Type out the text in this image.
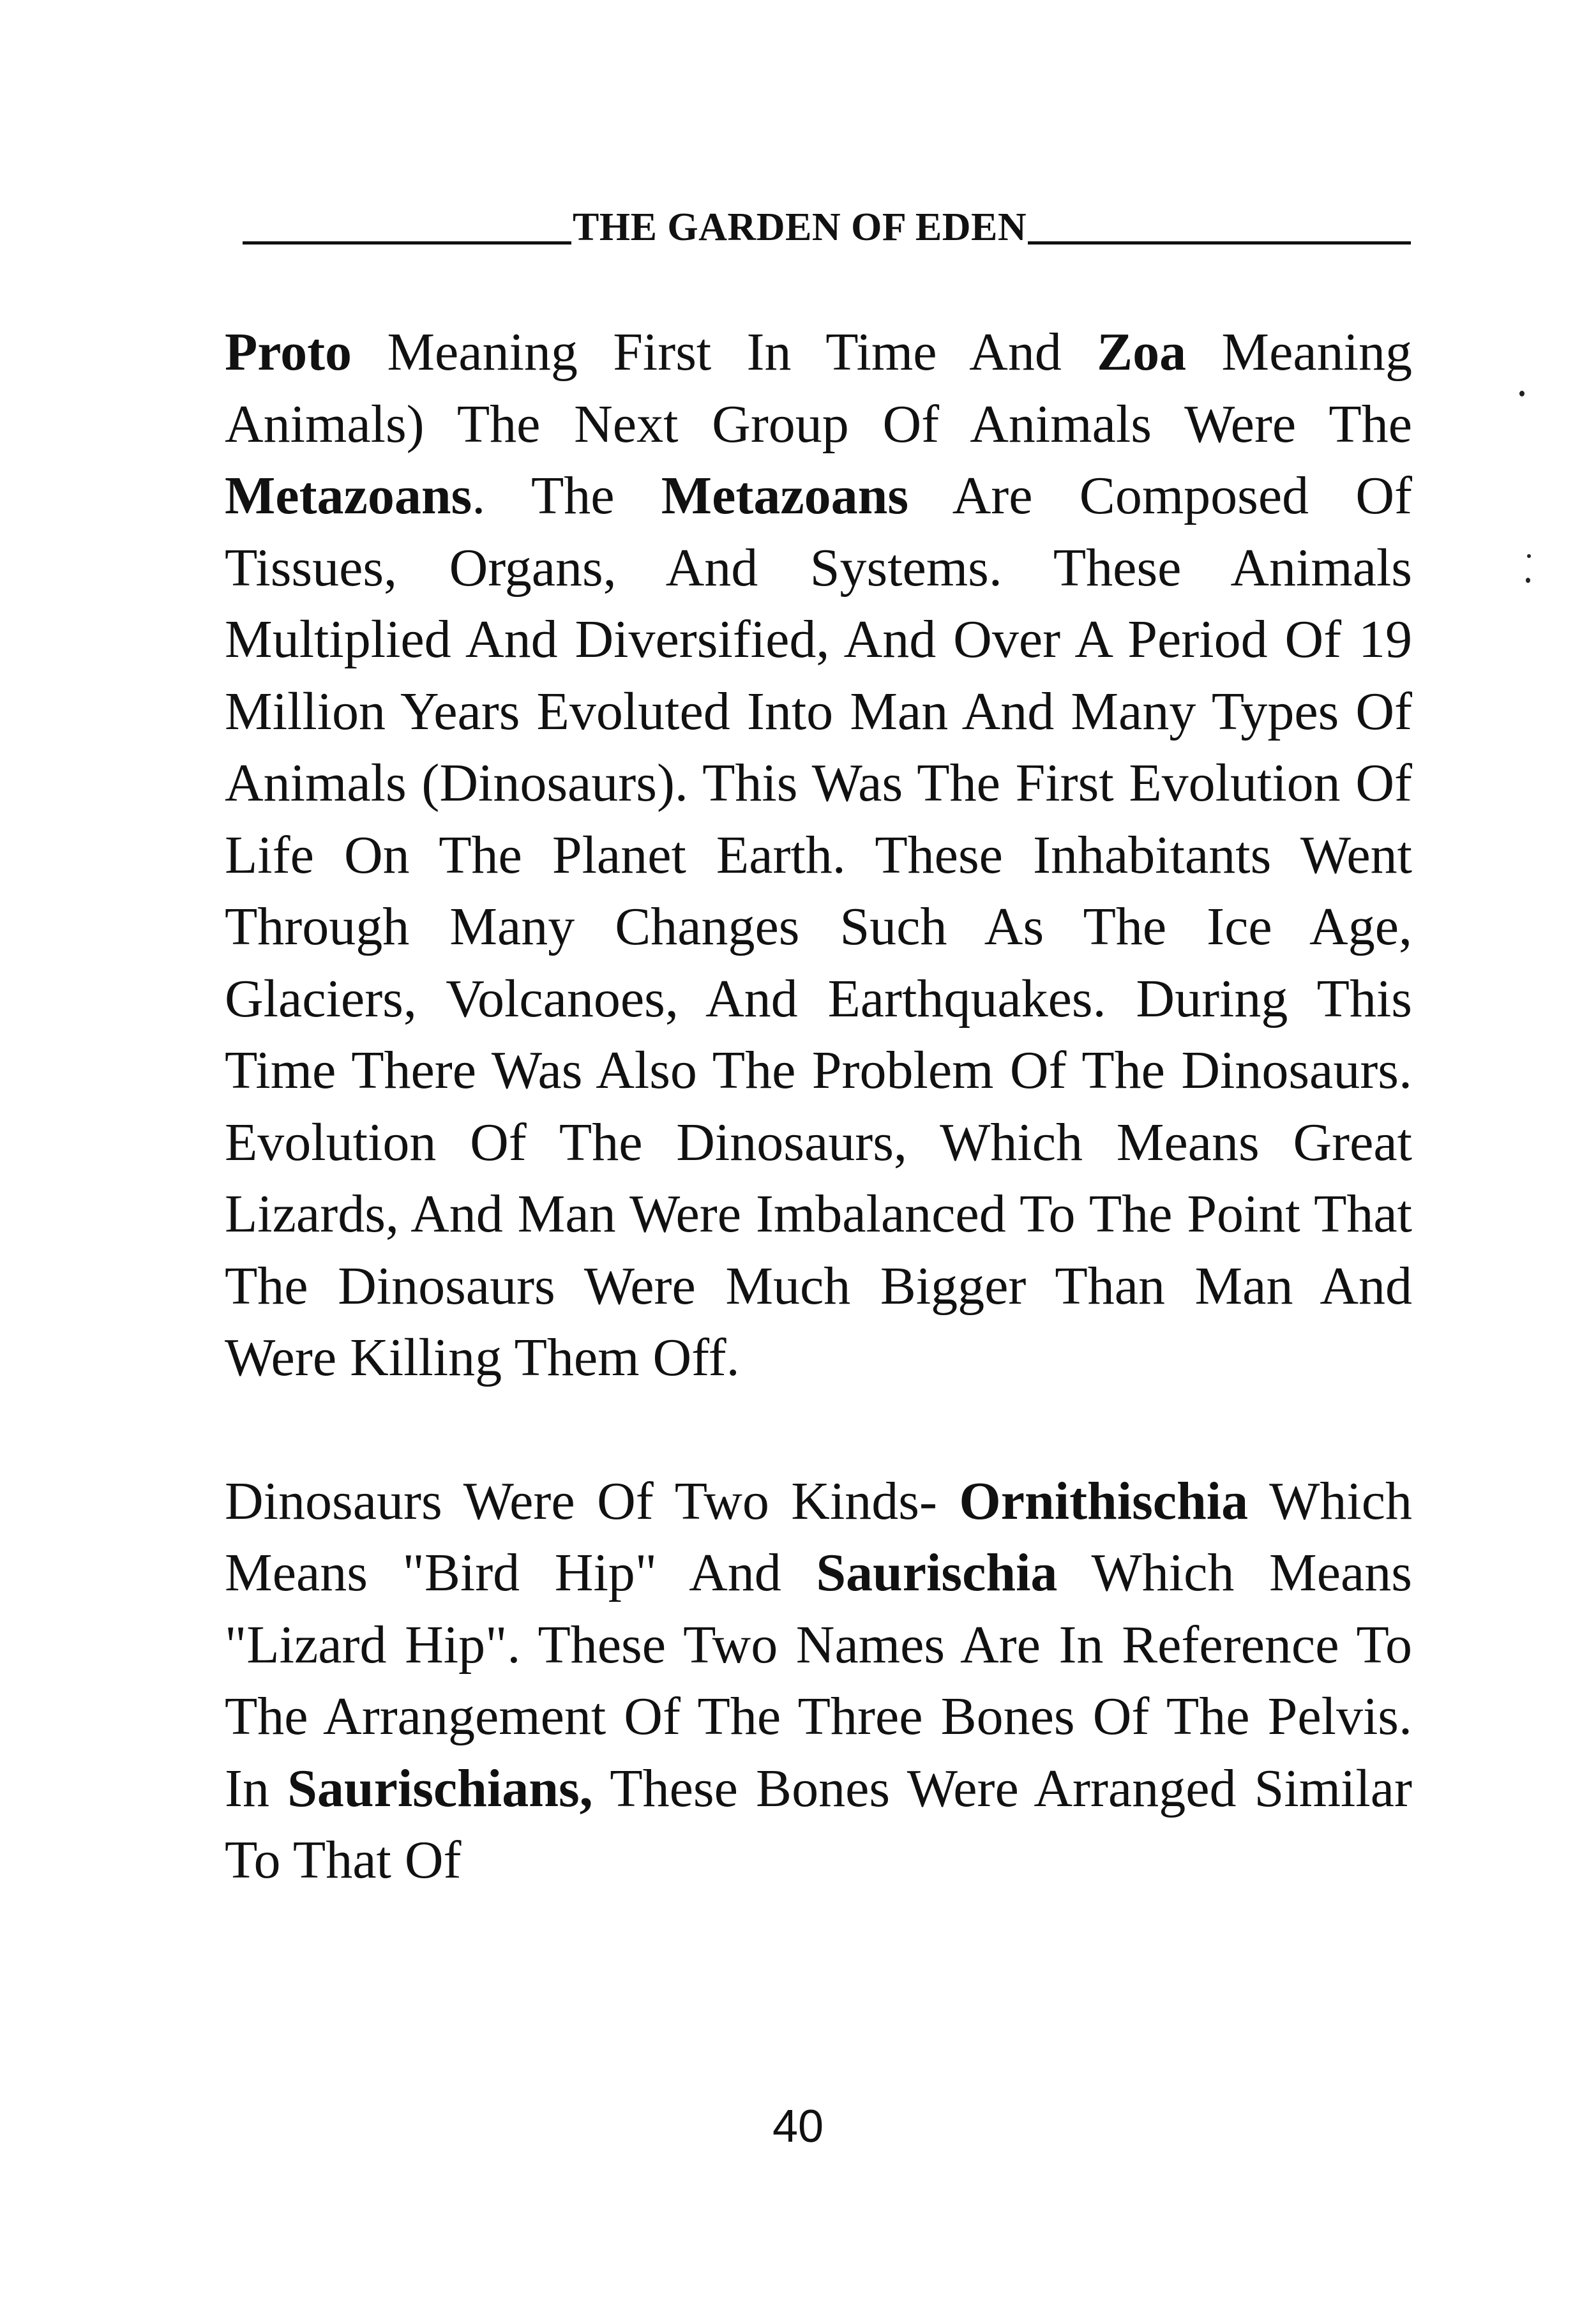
THE GARDEN OF EDEN

Proto Meaning First In Time And Zoa Meaning Animals) The Next Group Of Animals Were The Metazoans. The Metazoans Are Composed Of Tissues, Organs, And Systems. These Animals Multiplied And Diversified, And Over A Period Of 19 Million Years Evoluted Into Man And Many Types Of Animals (Dinosaurs). This Was The First Evolution Of Life On The Planet Earth. These Inhabitants Went Through Many Changes Such As The Ice Age, Glaciers, Volcanoes, And Earthquakes. During This Time There Was Also The Problem Of The Dinosaurs. Evolution Of The Dinosaurs, Which Means Great Lizards, And Man Were Imbalanced To The Point That The Dinosaurs Were Much Bigger Than Man And Were Killing Them Off.

Dinosaurs Were Of Two Kinds- Ornithischia Which Means "Bird Hip" And Saurischia Which Means "Lizard Hip". These Two Names Are In Reference To The Arrangement Of The Three Bones Of The Pelvis. In Saurischians, These Bones Were Arranged Similar To That Of

40
